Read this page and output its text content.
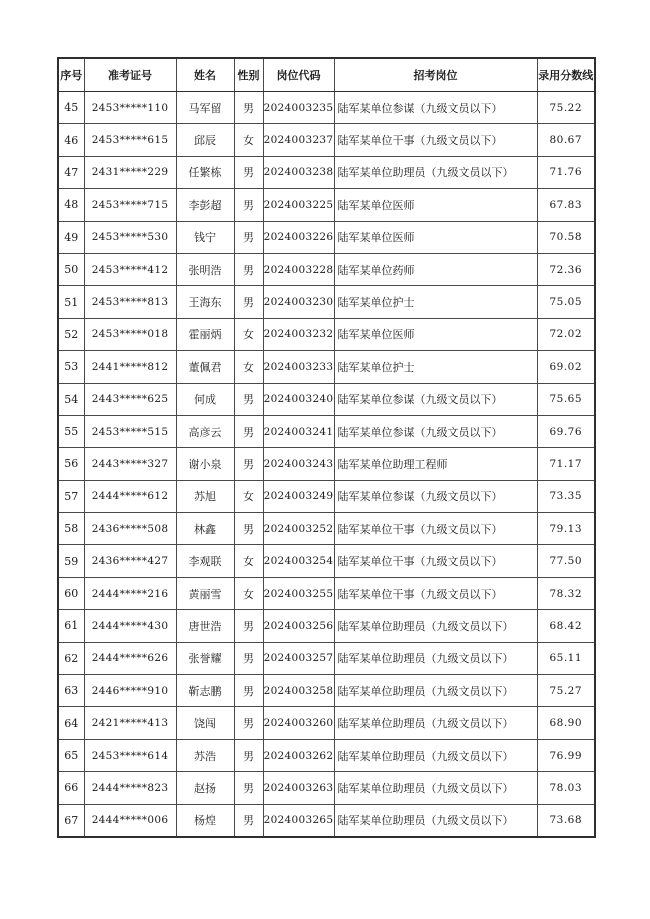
序号	准考证号	姓名	性别	岗位代码	招考岗位	录用分数线
45	2453*****110	马军留	男	2024003235	陆军某单位参谋（九级文员以下）	75.22
46	2453*****615	邱辰	女	2024003237	陆军某单位干事（九级文员以下）	80.67
47	2431*****229	任繁栋	男	2024003238	陆军某单位助理员（九级文员以下）	71.76
48	2453*****715	李彭超	男	2024003225	陆军某单位医师	67.83
49	2453*****530	钱宁	男	2024003226	陆军某单位医师	70.58
50	2453*****412	张明浩	男	2024003228	陆军某单位药师	72.36
51	2453*****813	王海东	男	2024003230	陆军某单位护士	75.05
52	2453*****018	霍丽炳	女	2024003232	陆军某单位医师	72.02
53	2441*****812	董佩君	女	2024003233	陆军某单位护士	69.02
54	2443*****625	何成	男	2024003240	陆军某单位参谋（九级文员以下）	75.65
55	2453*****515	高彦云	男	2024003241	陆军某单位参谋（九级文员以下）	69.76
56	2443*****327	谢小泉	男	2024003243	陆军某单位助理工程师	71.17
57	2444*****612	苏旭	女	2024003249	陆军某单位参谋（九级文员以下）	73.35
58	2436*****508	林鑫	男	2024003252	陆军某单位干事（九级文员以下）	79.13
59	2436*****427	李观联	女	2024003254	陆军某单位干事（九级文员以下）	77.50
60	2444*****216	黄丽雪	女	2024003255	陆军某单位干事（九级文员以下）	78.32
61	2444*****430	唐世浩	男	2024003256	陆军某单位助理员（九级文员以下）	68.42
62	2444*****626	张誉耀	男	2024003257	陆军某单位助理员（九级文员以下）	65.11
63	2446*****910	靳志鹏	男	2024003258	陆军某单位助理员（九级文员以下）	75.27
64	2421*****413	饶闯	男	2024003260	陆军某单位助理员（九级文员以下）	68.90
65	2453*****614	苏浩	男	2024003262	陆军某单位助理员（九级文员以下）	76.99
66	2444*****823	赵扬	男	2024003263	陆军某单位助理员（九级文员以下）	78.03
67	2444*****006	杨煌	男	2024003265	陆军某单位助理员（九级文员以下）	73.68
